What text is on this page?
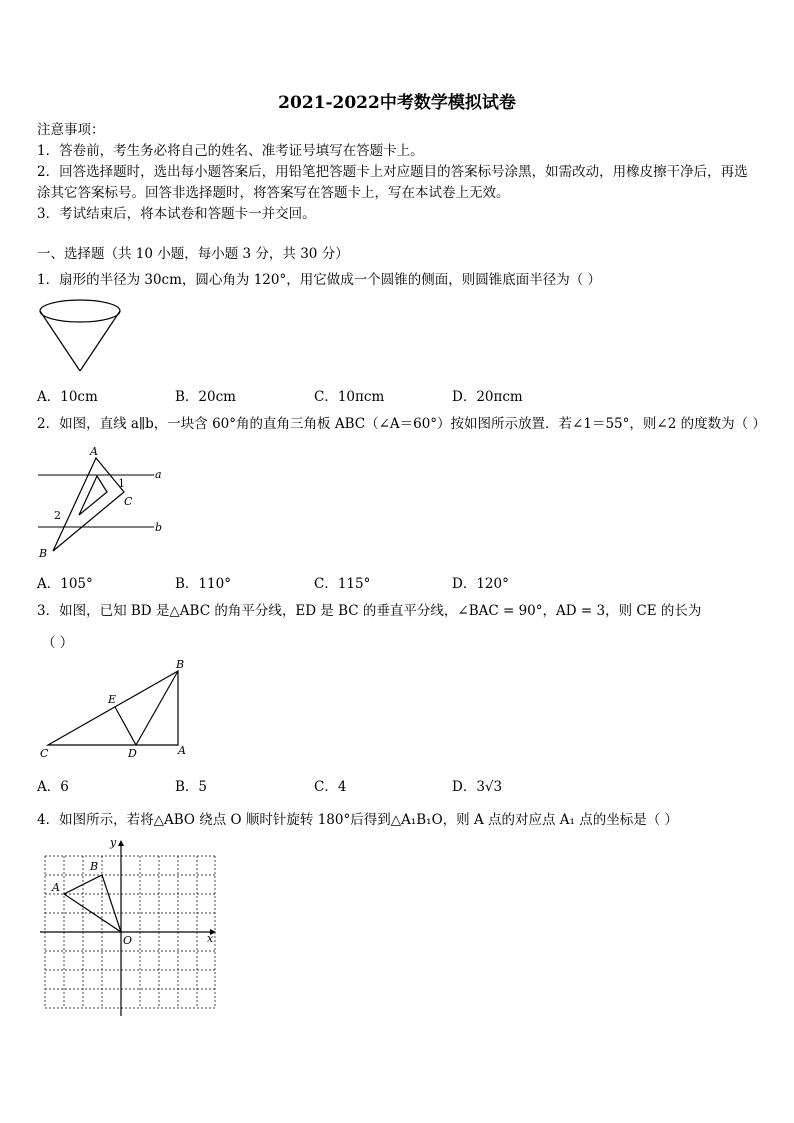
2021-2022中考数学模拟试卷
注意事项：
1．答卷前，考生务必将自己的姓名、准考证号填写在答题卡上。
2．回答选择题时，选出每小题答案后，用铅笔把答题卡上对应题目的答案标号涂黑，如需改动，用橡皮擦干净后，再选涂其它答案标号。回答非选择题时，将答案写在答题卡上，写在本试卷上无效。
3．考试结束后，将本试卷和答题卡一并交回。
一、选择题（共 10 小题，每小题 3 分，共 30 分）
1．扇形的半径为 30cm，圆心角为 120°，用它做成一个圆锥的侧面，则圆锥底面半径为（ ）
A．10cm	B．20cm	C．10πcm	D．20πcm
2．如图，直线 a∥b，一块含 60°角的直角三角板 ABC（∠A＝60°）按如图所示放置．若∠1＝55°，则∠2 的度数为（ ）
A
C
B
a
b
1
2
A．105°	B．110°	C．115°	D．120°
3．如图，已知 BD 是△ABC 的角平分线，ED 是 BC 的垂直平分线，∠BAC = 90°，AD = 3，则 CE 的长为
（ ）
B
E
C	D	A
A．6	B．5	C．4	D．3√3
4．如图所示，若将△ABO 绕点 O 顺时针旋转 180°后得到△A₁B₁O，则 A 点的对应点 A₁ 点的坐标是（ ）
A
B
O	x
y
